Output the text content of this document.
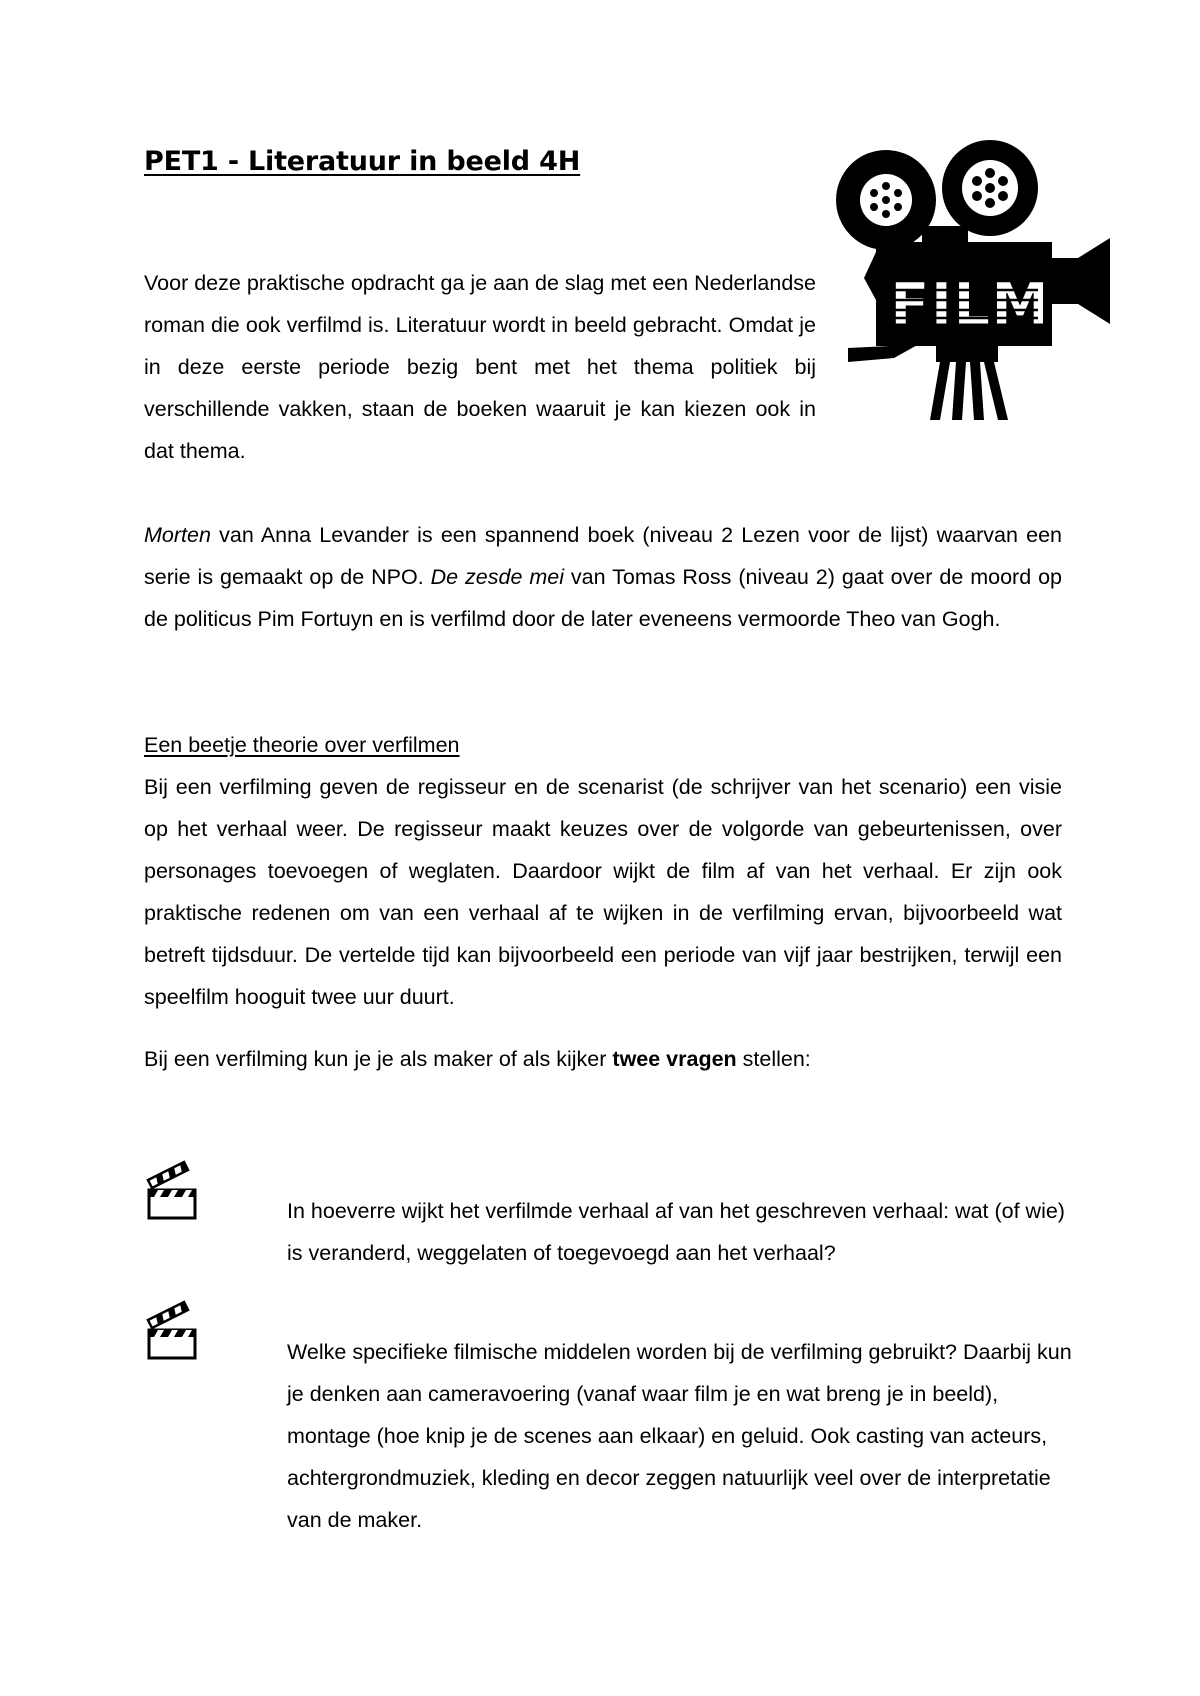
PET1 - Literatuur in beeld 4H
FILM

Voor deze praktische opdracht ga je aan de slag met een Nederlandse roman die ook verfilmd is. Literatuur wordt in beeld gebracht. Omdat je in deze eerste periode bezig bent met het thema politiek bij verschillende vakken, staan de boeken waaruit je kan kiezen ook in dat thema.

Morten van Anna Levander is een spannend boek (niveau 2 Lezen voor de lijst) waarvan een serie is gemaakt op de NPO. De zesde mei van Tomas Ross (niveau 2) gaat over de moord op de politicus Pim Fortuyn en is verfilmd door de later eveneens vermoorde Theo van Gogh.

Een beetje theorie over verfilmen

Bij een verfilming geven de regisseur en de scenarist (de schrijver van het scenario) een visie op het verhaal weer. De regisseur maakt keuzes over de volgorde van gebeurtenissen, over personages toevoegen of weglaten. Daardoor wijkt de film af van het verhaal. Er zijn ook praktische redenen om van een verhaal af te wijken in de verfilming ervan, bijvoorbeeld wat betreft tijdsduur. De vertelde tijd kan bijvoorbeeld een periode van vijf jaar bestrijken, terwijl een speelfilm hooguit twee uur duurt.

Bij een verfilming kun je je als maker of als kijker twee vragen stellen:

In hoeverre wijkt het verfilmde verhaal af van het geschreven verhaal: wat (of wie) is veranderd, weggelaten of toegevoegd aan het verhaal?

Welke specifieke filmische middelen worden bij de verfilming gebruikt? Daarbij kun je denken aan cameravoering (vanaf waar film je en wat breng je in beeld), montage (hoe knip je de scenes aan elkaar) en geluid. Ook casting van acteurs, achtergrondmuziek, kleding en decor zeggen natuurlijk veel over de interpretatie van de maker.
